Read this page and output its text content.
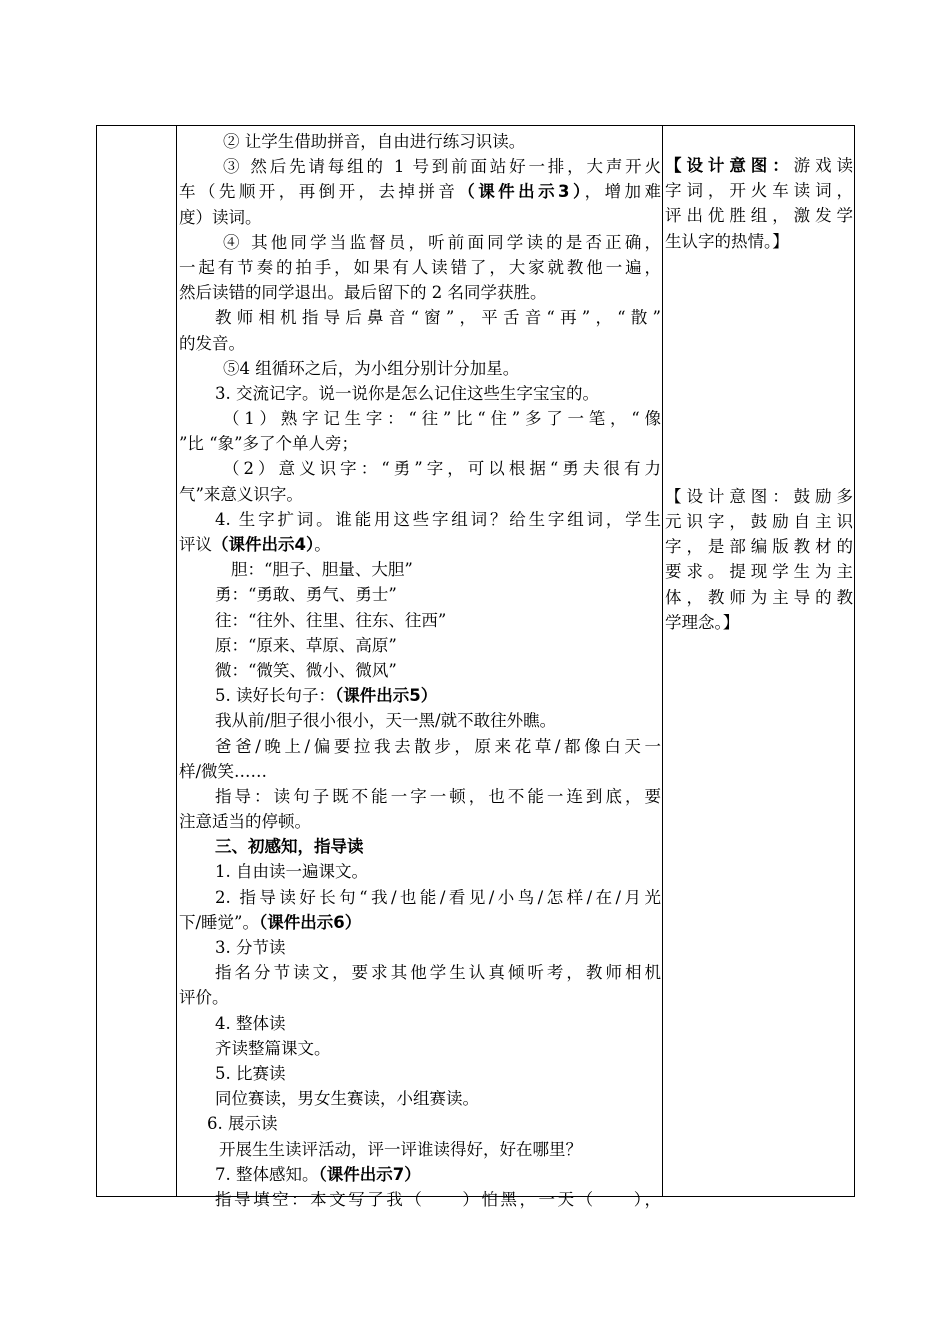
② 让学生借助拼音，自由进行练习识读。
③ 然后先请每组的 1 号到前面站好一排，大声开火
车（先顺开，再倒开，去掉拼音（课件出示3），增加难
度）读词。
④ 其他同学当监督员，听前面同学读的是否正确，
一起有节奏的拍手，如果有人读错了，大家就教他一遍，
然后读错的同学退出。最后留下的 2 名同学获胜。
教师相机指导后鼻音“窗”，平舌音“再”，“散”
的发音。
⑤4 组循环之后，为小组分别计分加星。
3. 交流记字。说一说你是怎么记住这些生字宝宝的。
（1）熟字记生字：“往”比“住”多了一笔，“像
”比 “象”多了个单人旁；
（2）意义识字：“勇”字，可以根据“勇夫很有力
气”来意义识字。
4. 生字扩词。谁能用这些字组词？给生字组词，学生
评议（课件出示4）。
胆：“胆子、胆量、大胆”
勇：“勇敢、勇气、勇士”
往：“往外、往里、往东、往西”
原：“原来、草原、高原”
微：“微笑、微小、微风”
5. 读好长句子：（课件出示5）
我从前/胆子很小很小，天一黑/就不敢往外瞧。
爸爸/晚上/偏要拉我去散步，原来花草/都像白天一
样/微笑……
指导：读句子既不能一字一顿，也不能一连到底，要
注意适当的停顿。
三、初感知，指导读
1. 自由读一遍课文。
2. 指导读好长句“我/也能/看见/小鸟/怎样/在/月光
下/睡觉”。（课件出示6）
3. 分节读
指名分节读文，要求其他学生认真倾听考，教师相机
评价。
4. 整体读
齐读整篇课文。
5. 比赛读
同位赛读，男女生赛读，小组赛读。
6. 展示读
开展生生读评活动，评一评谁读得好，好在哪里？
7. 整体感知。（课件出示7）
指导填空：本文写了我（　　）怕黑，一天（　　），
【设计意图：游戏读
字词，开火车读词，
评出优胜组，激发学
生认字的热情。】
【设计意图：鼓励多
元识字，鼓励自主识
字，是部编版教材的
要求。提现学生为主
体，教师为主导的教
学理念。】
